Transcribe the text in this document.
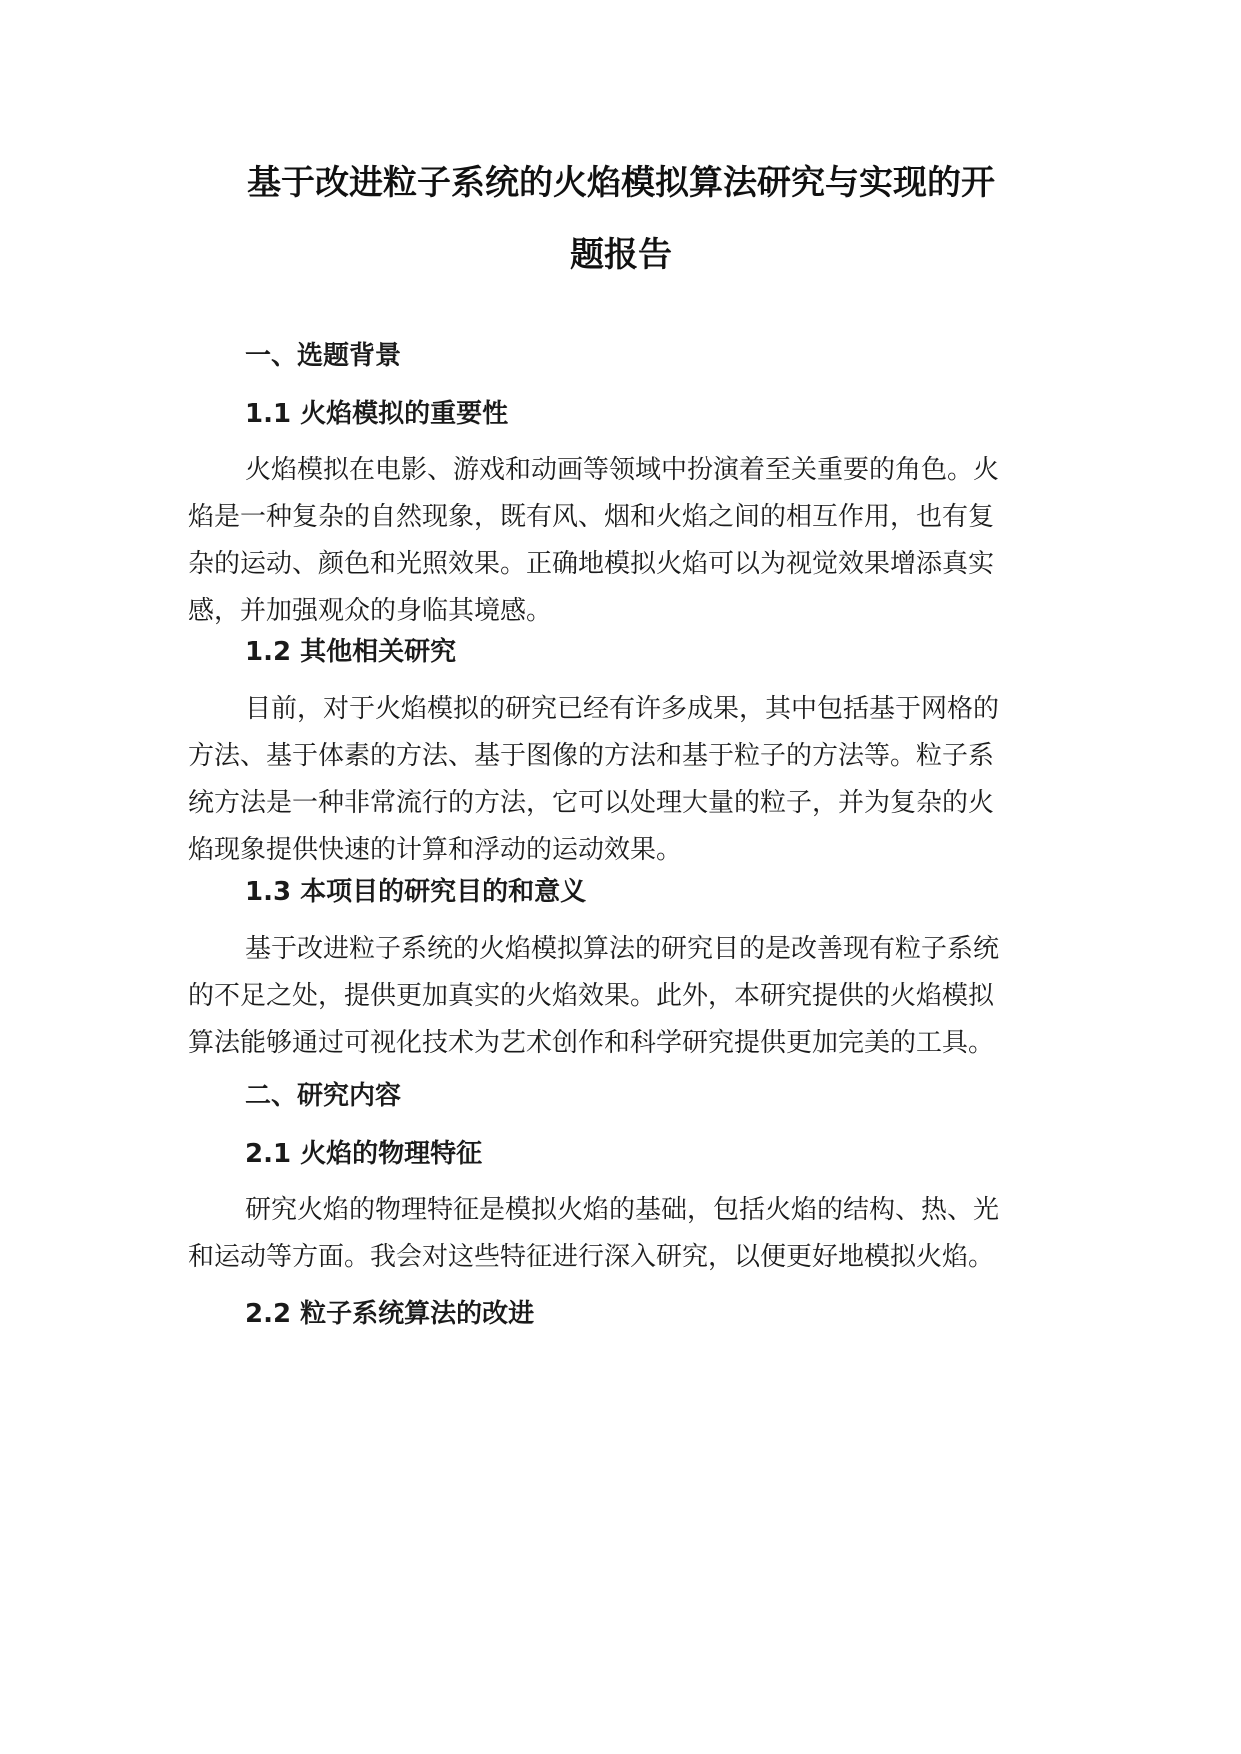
基于改进粒子系统的火焰模拟算法研究与实现的开
题报告
一、选题背景
1.1 火焰模拟的重要性
火焰模拟在电影、游戏和动画等领域中扮演着至关重要的角色。火
焰是一种复杂的自然现象，既有风、烟和火焰之间的相互作用，也有复
杂的运动、颜色和光照效果。正确地模拟火焰可以为视觉效果增添真实
感，并加强观众的身临其境感。
1.2 其他相关研究
目前，对于火焰模拟的研究已经有许多成果，其中包括基于网格的
方法、基于体素的方法、基于图像的方法和基于粒子的方法等。粒子系
统方法是一种非常流行的方法，它可以处理大量的粒子，并为复杂的火
焰现象提供快速的计算和浮动的运动效果。
1.3 本项目的研究目的和意义
基于改进粒子系统的火焰模拟算法的研究目的是改善现有粒子系统
的不足之处，提供更加真实的火焰效果。此外，本研究提供的火焰模拟
算法能够通过可视化技术为艺术创作和科学研究提供更加完美的工具。
二、研究内容
2.1 火焰的物理特征
研究火焰的物理特征是模拟火焰的基础，包括火焰的结构、热、光
和运动等方面。我会对这些特征进行深入研究，以便更好地模拟火焰。
2.2 粒子系统算法的改进
